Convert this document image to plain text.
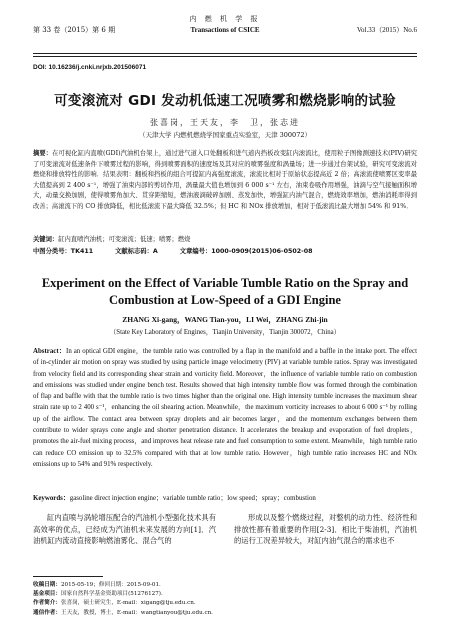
第 33 卷（2015）第 6 期
内 燃 机 学 报
Transactions of CSICE	Vol.33（2015）No.6
DOI: 10.16236/j.cnki.nrjxb.201506071
可变滚流对 GDI 发动机低速工况喷雾和燃烧影响的试验
张喜岗，王天友，李　卫，张志进
（天津大学 内燃机燃烧学国家重点实验室，天津 300072）
摘要：在可视化缸内直喷(GDI)汽油机台架上，通过进气道入口处翻板和进气道内挡板改变缸内滚流比，使用粒子图像测速技术(PIV)研究了可变滚流对低速条件下喷雾过程的影响，得到喷雾面积的速度场及其对应的喷雾强度和涡量场；进一步通过台架试验，研究可变滚流对燃烧和排放特性的影响．结果表明：翻板和挡板的组合可提缸内高强度滚流，滚流比相对于原始状态提高近 2 倍；高滚流使喷雾区变率最大值提高到 2 400 s⁻¹，增强了油束内部的剪切作用，涡量最大值也增加到 6 000 s⁻¹ 左右，油束卷吸作用增强，油滴与空气接触面积增大，动量交换加剧，使得喷雾角加大、贯穿距缩短，燃油液滴破碎加剧、蒸发加快，增强缸内油气混合，燃烧效率增加，燃油消耗率得到改善；高滚流下的 CO 排放降低，相比低滚流下最大降低 32.5%；但 HC 和 NOx 排放增加，相对于低滚流比最大增加 54% 和 91%．
关键词：缸内直喷汽油机；可变滚流；低速；喷雾；燃烧
中图分类号：TK411	文献标志码：A	文章编号：1000-0909(2015)06-0502-08
Experiment on the Effect of Variable Tumble Ratio on the Spray and
Combustion at Low-Speed of a GDI Engine
ZHANG Xi-gang，WANG Tian-you，LI Wei，ZHANG Zhi-jin
（State Key Laboratory of Engines，Tianjin University，Tianjin 300072，China）
Abstract：In an optical GDI engine，the tumble ratio was controlled by a flap in the manifold and a baffle in the intake port. The effect of in-cylinder air motion on spray was studied by using particle image velocimetry (PIV) at variable tumble ratios. Spray was investigated from velocity field and its corresponding shear strain and vorticity field. Moreover，the influence of variable tumble ratio on combustion and emissions was studied under engine bench test. Results showed that high intensity tumble flow was formed through the combination of flap and baffle with that the tumble ratio is two times higher than the original one. High intensity tumble increases the maximum shear strain rate up to 2 400 s⁻¹，enhancing the oil shearing action. Meanwhile，the maximum vorticity increases to about 6 000 s⁻¹ by rolling up of the airflow. The contact area between spray droplets and air becomes larger，and the momentum exchanges between them contribute to wider sprays cone angle and shorter penetration distance. It accelerates the breakup and evaporation of fuel droplets，promotes the air-fuel mixing process，and improves heat release rate and fuel consumption to some extent. Meanwhile，high tumble ratio can reduce CO emission up to 32.5% compared with that at low tumble ratio. However，high tumble ratio increases HC and NOx emissions up to 54% and 91% respectively.
Keywords：gasoline direct injection engine；variable tumble ratio；low speed；spray；combustion
缸内直喷与涡轮增压配合的汽油机小型强化技术具有高效率的优点，已经成为汽油机未来发展的方向[1]．汽油机缸内流动直接影响燃油雾化、混合气的
形成以及整个燃烧过程，对整机的动力性、经济性和排放性都有着重要的作用[2-3]．相比于柴油机，汽油机的运行工况差异较大，对缸内油气混合的需求也不
收稿日期：2015-05-19；修回日期：2015-09-01．
基金项目：国家自然科学基金资助项目(51276127)．
作者简介：张喜岗，硕士研究生，E-mail：xigang@tju.edu.cn．
通信作者：王天友，教授，博士，E-mail：wangtianyou@tju.edu.cn．
